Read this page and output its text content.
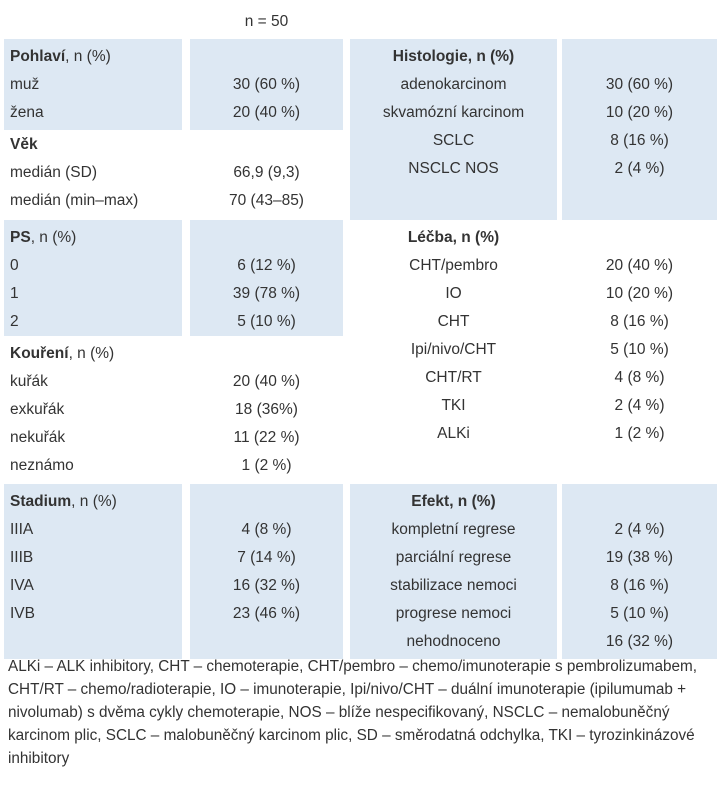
n = 50
Pohlaví, n (%)
muž	30 (60 %)
žena	20 (40 %)
Věk
medián (SD)	66,9 (9,3)
medián (min–max)	70 (43–85)
PS, n (%)
0	6 (12 %)
1	39 (78 %)
2	5 (10 %)
Kouření, n (%)
kuřák	20 (40 %)
exkuřák	18 (36%)
nekuřák	11 (22 %)
neznámo	1 (2 %)
Stadium, n (%)
IIIA	4 (8 %)
IIIB	7 (14 %)
IVA	16 (32 %)
IVB	23 (46 %)
Histologie, n (%)
adenokarcinom	30 (60 %)
skvamózní karcinom	10 (20 %)
SCLC	8 (16 %)
NSCLC NOS	2 (4 %)
Léčba, n (%)
CHT/pembro	20 (40 %)
IO	10 (20 %)
CHT	8 (16 %)
Ipi/nivo/CHT	5 (10 %)
CHT/RT	4 (8 %)
TKI	2 (4 %)
ALKi	1 (2 %)
Efekt, n (%)
kompletní regrese	2 (4 %)
parciální regrese	19 (38 %)
stabilizace nemoci	8 (16 %)
progrese nemoci	5 (10 %)
nehodnoceno	16 (32 %)
ALKi – ALK inhibitory, CHT – chemoterapie, CHT/pembro – chemo/imunoterapie s pembrolizumabem, CHT/RT – chemo/radioterapie, IO – imunoterapie, Ipi/nivo/CHT – duální imunoterapie (ipilumumab + nivolumab) s dvěma cykly chemoterapie, NOS – blíže nespecifikovaný, NSCLC – nemalobuněčný karcinom plic, SCLC – malobuněčný karcinom plic, SD – směrodatná odchylka, TKI – tyrozinkinázové inhibitory
